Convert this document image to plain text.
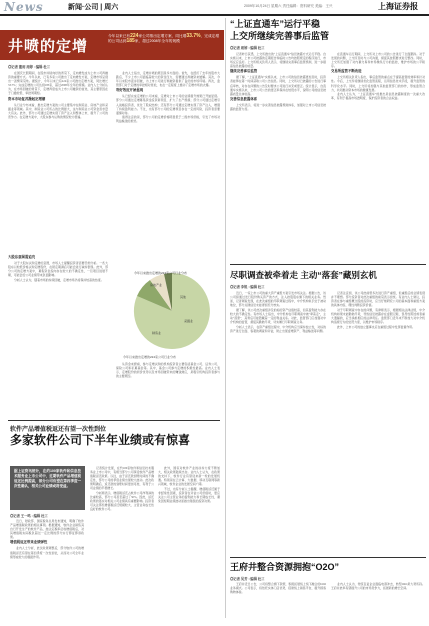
News	新闻·公司 | 周六	2009年10月24日 星期六 责任编辑：资料研究 美编：王兴	上海证券报
井喷的定增
今年以来已有224家公司推出定增方案，同比增33.7%，完成定增的公司达到185家，超过2008年全年的规模
◎记者 董雨 周婷 ○编辑 杜三

在国庆长假期间，在股市持续向好的背景下，定向增发成为上市公司再融资的重要方式。今年以来，已有多家公司推出了定向增发方案，定增市场呈现出一派繁荣景象。据统计，今年以来已有224家公司推出定增方案，同比增长33.7%；完成定增的公司达到185家，超过2008年全年的规模。业内人士分析认为，在市场回暖的背景下，定增再度成为上市公司融资的首选，其主要原因在于门槛较低、审批周期短。

资本市场复苏掀起定增潮

从行业分布来看，推出定增方案的公司主要集中在制造业、房地产业和采掘业等领域。其中，制造业公司所占的比例最大，这与制造业公司资金需求量大有关。此外，部分公司通过定增实现了资产注入和整体上市，提升了公司的竞争力。在定增方案中，大股东参与认购的情况较为普遍。

业内人士指出，定增井喷的原因是多方面的。首先，在经历了去年的股市大跌后，不少上市公司面临着较大的资金压力，需要通过再融资来缓解。其次，今年以来股市逐步回暖，为上市公司进行再融资提供了良好的市场环境。再次，监管部门对于定增的审批相对宽松，也在一定程度上推动了定增市场的火爆。

利好效应开始显现

从已经完成定增的公司来看，定增对上市公司的业绩提升效果已开始显现。部分公司通过定增募集资金投资新项目，扩大了生产规模；部分公司通过定增引入战略投资者，优化了股权结构；还有部分公司通过定增实现了资产注入，增强了持续盈利能力。不过，也有部分公司的定增项目存在一定的风险，投资者需要谨慎对待。

值得注意的是，部分公司的定增价格明显低于二级市场价格，引发了市场对利益输送的担忧。

今年以来推出定增的224家公司行业分布
制造业
房地产业
其他
采掘业
今年以来推出定增的224家公司行业分布

大股东意图需追究

对于大股东认购定增的意图，市场人士提醒投资者需要仔细分析。一些大股东以较低价格认购定增股份，在锁定期满后可能会进行减持套现。此外，部分公司的定增方案中，募集资金投向存在较大的不确定性，一旦项目进展不顺，可能会给公司业绩带来负面影响。

分析人士认为，随着市场的持续回暖，定增市场仍将保持较高的热度。

从资金来源看，参与定增认购的机构投资者主要包括基金公司、证券公司、保险公司和私募基金等。其中，基金公司参与定增的积极性最高。业内人士表示，定增股份的折价优势以及市场回暖带来的赚钱效应，是吸引机构投资者参与的主要原因。

“上证直通车”运行平稳
上交所继续完善事后监管
◎记者 周婷 ○编辑 杜三

记者昨日获悉，上交所推出的“上证直通车”信息披露方式运行平稳。自实施以来，上市公司披露的定期报告和临时公告均按照规定的程序进行，市场反应良好。上交所相关负责人表示，将继续完善事后监管机制，进一步提高信息披露的质量。

继续完善事后监管

据了解，“上证直通车”实施以来，上市公司的信息披露更加及时，投资者能够在第一时间获取公司公告信息。同时，上交所对已披露的公告进行事后审核，对存在问题的公告及时要求公司进行补充或更正。统计显示，自直通车实施以来，上市公司公告的更正率保持在较低水平，说明公司的信息披露质量总体较高。

完善信息披露体系

上交所表示，将进一步完善信息披露规则体系，加强对上市公司信息披露的监管力度。

在直通车运行期间，上交所对上市公司的公告进行了全面跟踪。对于发现的问题，上交所及时与公司沟通，督促其按照要求进行整改。同时，上交所还加强了对内幕交易和市场操纵行为的监控，维护市场的公平秩序。

交易所监管不断改进

上交所相关负责人指出，事后监管的重点在于提高监管的效率和针对性。今后，上交所将继续优化监管流程，运用信息技术手段，提升监管的科学化水平。同时，上交所将加强与其他监管部门的协作，形成监管合力，共同推动资本市场的健康发展。

业内人士认为，“上证直通车”的推出是信息披露制度的一次重大改革，有利于提高市场透明度，保护投资者的合法权益。

尽职调查被牵着走 主动“落套”藏别玄机
◎记者 李锐 ○编辑 杜三

近日，一家上市公司的重大资产重组方案引发市场关注。根据公告，该公司拟通过发行股份购买资产的方式，注入控股股东旗下的相关业务。然而，记者调查发现，在此次重组的尽职调查过程中，中介机构似乎处于被动地位，部分关键信息未能得到充分核实。

据了解，该公司此次重组涉及的标的资产估值较高，但其盈利能力存在较大的不确定性。有市场人士指出，中介机构在尽职调查中被“牵着走”，主动“落套”，其背后可能隐藏着一定的利益关系。对此，监管部门应加强对中介机构的监管，督促其勤勉尽责，切实履行尽职调查义务。

分析人士表示，在资产重组过程中，中介机构应当保持独立性，对标的资产进行全面、客观的调查和评估，防止出现虚增资产、利益输送等问题。

记者注意到，该公司此前曾多次进行资产重组，但重组后的业绩表现并不理想。部分投资者对此次重组的前景表示担忧。有业内人士建议，投资者在参与重组概念股的投资时，应当仔细研究公司的基本面和重组方案的具体内容，理性判断投资价值。

对于尽职调查中存在的问题，有律师表示，根据相关法律法规，中介机构如果未能勤勉尽责，导致信息披露存在虚假记载、误导性陈述或者重大遗漏的，应当承担相应的法律责任。监管部门近年来不断加大对中介机构违规行为的处罚力度，以维护市场秩序。

此外，上市公司的独立董事也应在重组过程中发挥监督作用。

王府井整合资源拥抱“O2O”
◎记者 吴芳 ○编辑 杜三

王府井近日公告，公司将整合旗下资源，积极拓展线上线下融合的O2O业务模式。公司表示，将依托实体门店优势，搭建线上销售平台，提升顾客购物体验。

业内人士认为，传统百货企业面临电商冲击，转型O2O是大势所趋。王府井此举有望提升公司的市场竞争力，拓展新的增长空间。

软件产品增值税返还有望一次性到位
多家软件公司下半年业绩或有惊喜
据上证资讯统计，在约100家软件和信息技术服务业上市公司中，近期软件产品增值税返还比例提高，部分公司有望在第四季度一次性确认，相关公司业绩或将受益。
◎记者 王一鸣 ○编辑 杜三

近日，财政部、国家税务总局发布通知，明确了软件产品增值税政策的相关事项。根据通知，软件企业销售其自行开发生产的软件产品，按法定税率征收增值税后，对其增值税实际税负超过一定比例的部分实行即征即退政策。

增值税返还带来业绩弹性

业内人士分析，此次政策调整后，部分软件公司的增值税返还有望在第四季度一次性到位，从而对公司全年业绩形成较大的提振作用。

记者统计发现，在约100家软件和信息技术服务业上市公司中，有相当部分公司享受软件产品增值税返还政策。以往，由于返还款到账时间的不确定性，部分公司的季度业绩出现较大波动。此次政策明确后，返还款的到账时间更加可控，有利于公司业绩的平稳增长。

分析师表示，增值税返还占软件公司净利润的比重较高，部分公司甚至超过了50%。因此，返还政策的落实对相关公司业绩具有重要影响。投资者可关注那些增值税返还规模较大、主营业务成长性良好的软件公司。

此外，国家对软件产业的扶持力度不断加大，相关政策陆续出台。业内人士认为，在政策的支持下，软件行业有望迎来新一轮的发展机遇。特别是在云计算、大数据、移动互联网等新兴领域，软件企业的发展空间广阔。

不过，也有分析人士提醒，增值税返还属于非经常性因素，投资者在评估公司价值时，更应关注公司主营业务的盈利能力和长期成长性，避免因短期业绩波动而做出错误的投资决策。
